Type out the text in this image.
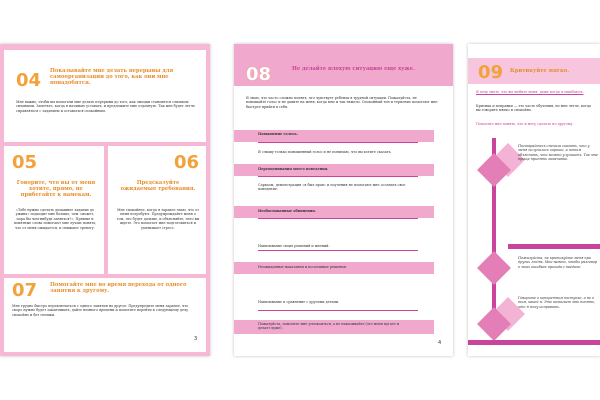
04 Показывайте мне делать перерывы для самоорганизации до того, как они мне понадобятся.
Мне важно, чтобы вы помогали мне делать перерывы до того, как эмоции становятся слишком сильными. Заметьте, когда я начинаю уставать, и предложите мне отдохнуть. Так мне будет легче справляться с заданием и оставаться спокойным.
05
Говорите, что вы от меня хотите, прямо, не прибегайте к намекам.
«Тебе нужно сделать домашнее задание до ужина» подходит мне больше, чем «может, пора бы чем-нибудь заняться?». Прямые и понятные слова помогают мне лучше понять, что от меня ожидается, и снижают тревогу.
06
Предсказуйте ожидаемые требования.
Мне спокойнее, когда я заранее знаю, что от меня потребуют. Предупреждайте меня о том, что будет дальше, и объясняйте, чего вы ждете. Это помогает мне подготовиться и уменьшает стресс.
07 Помогайте мне во время перехода от одного занятия к другому.
Мне трудно быстро переключаться с одного занятия на другое. Предупредите меня заранее, что скоро нужно будет заканчивать, дайте немного времени и помогите перейти к следующему делу спокойно и без спешки.
3
08	Не делайте плохую ситуацию еще хуже.
Я знаю, что часто сложно понять, что чувствует ребенок в трудной ситуации. Пожалуйста, не повышайте голос и не давите на меня, когда мне и так тяжело. Спокойный тон и терпение помогают мне быстрее прийти в себя.
Повышение голоса.
Я слышу только повышенный голос и не понимаю, что вы хотите сказать.
Переоценивания моего поведения.
Сарказм, демонстрация «я был прав» и поучения не помогают мне осознать свое поведение.
Необоснованные обвинения.
Навязывание своих решений и мнений.
Неожиданные наказания и поспешные решения.
Навязывание и сравнение с другими детьми.
Пожалуйста, помогите мне успокоиться, а не наказывайте (это меня пугает и делает хуже).
4
09 Критикуйте мягко.
Я хочу знать, что вы любите меня, даже когда я ошибаюсь.
Критика и поправки — это часть обучения, но мне легче, когда вы говорите мягко и спокойно.
Помогите мне понять, что я могу сделать по-другому.
Постарайтесь сначала сказать, что у меня получилось хорошо, а потом объяснить, что можно улучшить. Так мне проще принять замечание.
Пожалуйста, не критикуйте меня при других людях. Мне важно, чтобы разговор о моих ошибках проходил наедине.
Говорите о конкретном поступке, а не о том, какой я. Это помогает мне понять, что я могу исправить.
